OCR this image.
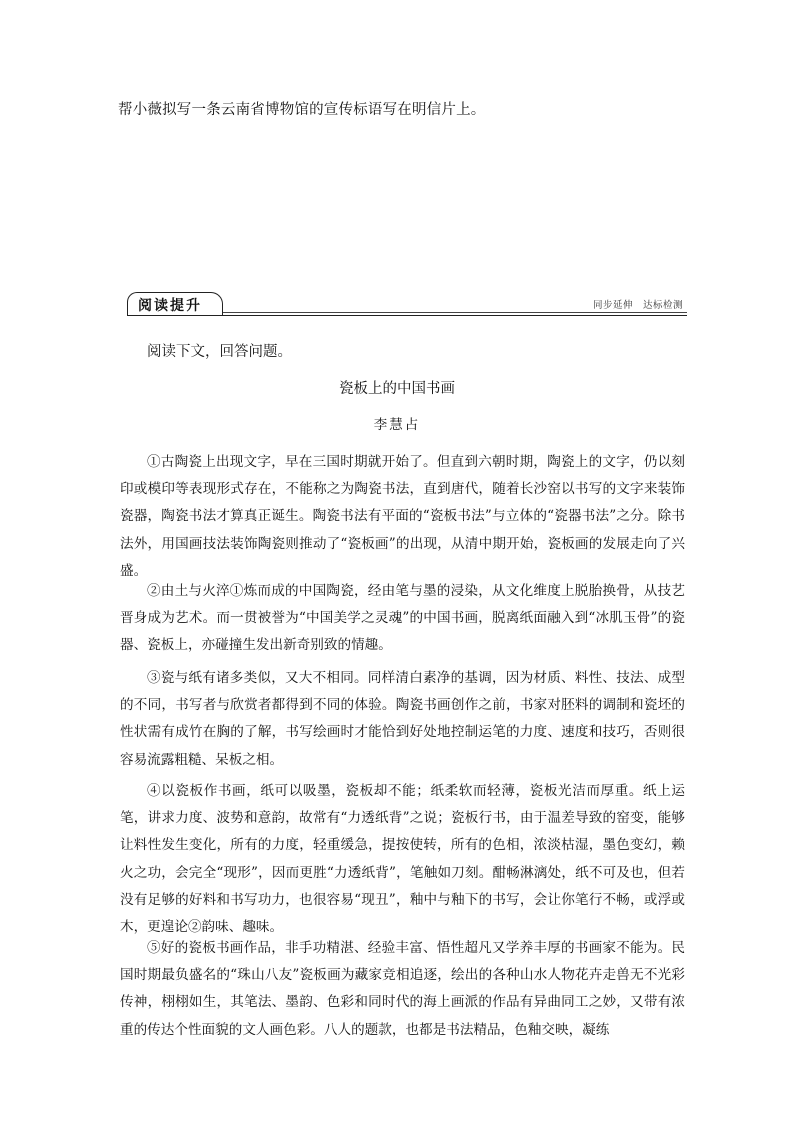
帮小薇拟写一条云南省博物馆的宣传标语写在明信片上。
阅读提升	同步延伸　达标检测
阅读下文，回答问题。
瓷板上的中国书画
李慧占

①古陶瓷上出现文字，早在三国时期就开始了。但直到六朝时期，陶瓷上的文字，仍以刻印或模印等表现形式存在，不能称之为陶瓷书法，直到唐代，随着长沙窑以书写的文字来装饰瓷器，陶瓷书法才算真正诞生。陶瓷书法有平面的“瓷板书法”与立体的“瓷器书法”之分。除书法外，用国画技法装饰陶瓷则推动了“瓷板画”的出现，从清中期开始，瓷板画的发展走向了兴盛。

②由土与火淬①炼而成的中国陶瓷，经由笔与墨的浸染，从文化维度上脱胎换骨，从技艺晋身成为艺术。而一贯被誉为“中国美学之灵魂”的中国书画，脱离纸面融入到“冰肌玉骨”的瓷器、瓷板上，亦碰撞生发出新奇别致的情趣。

③瓷与纸有诸多类似，又大不相同。同样清白素净的基调，因为材质、料性、技法、成型的不同，书写者与欣赏者都得到不同的体验。陶瓷书画创作之前，书家对胚料的调制和瓷坯的性状需有成竹在胸的了解，书写绘画时才能恰到好处地控制运笔的力度、速度和技巧，否则很容易流露粗糙、呆板之相。

④以瓷板作书画，纸可以吸墨，瓷板却不能；纸柔软而轻薄，瓷板光洁而厚重。纸上运笔，讲求力度、波势和意韵，故常有“力透纸背”之说；瓷板行书，由于温差导致的窑变，能够让料性发生变化，所有的力度，轻重缓急，提按使转，所有的色相，浓淡枯湿，墨色变幻，赖火之功，会完全“现形”，因而更胜“力透纸背”，笔触如刀刻。酣畅淋漓处，纸不可及也，但若没有足够的好料和书写功力，也很容易“现丑”，釉中与釉下的书写，会让你笔行不畅，或浮或木，更遑论②韵味、趣味。

⑤好的瓷板书画作品，非手功精湛、经验丰富、悟性超凡又学养丰厚的书画家不能为。民国时期最负盛名的“珠山八友”瓷板画为藏家竞相追逐，绘出的各种山水人物花卉走兽无不光彩传神，栩栩如生，其笔法、墨韵、色彩和同时代的海上画派的作品有异曲同工之妙，又带有浓重的传达个性面貌的文人画色彩。八人的题款，也都是书法精品，色釉交映，凝练
